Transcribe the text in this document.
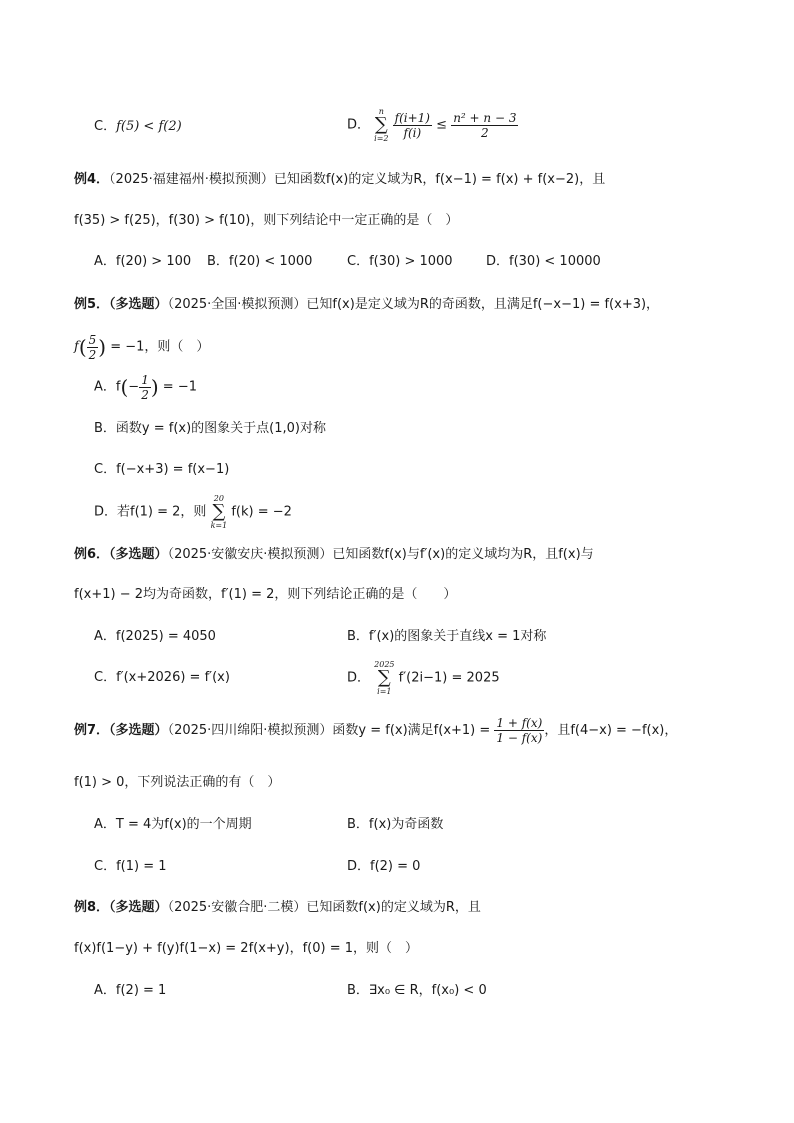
C．f(5) < f(2)	D． n
∑
$i=2 \frac{f(i+1)}{f(i)} \le \frac{\text{n² + n − 3}}{2}$
例4．（2025·福建福州·模拟预测）已知函数f(x)的定义域为R，f(x−1) = f(x) + f(x−2)，且
f(35) > f(25)，f(30) > f(10)，则下列结论中一定正确的是（　）
A．f(20) > 100 B．f(20) < 1000	C．f(30) > 1000	D．f(30) < 10000
例5．（多选题）（2025·全国·模拟预测）已知f(x)是定义域为R的奇函数，且满足f(−x−1) = f(x+3)，
$f( \frac{5}{2}$ ) = −1，则（　）
A．$f(- \frac{1}{2}$ ) = −1
B．函数y = f(x)的图象关于点(1,0)对称
C．f(−x+3) = f(x−1)
D．若f(1) = 2，则 20
∑
k=1 f(k) = −2
例6．（多选题）（2025·安徽安庆·模拟预测）已知函数f(x)与f′(x)的定义域均为R，且f(x)与
f(x+1) − 2均为奇函数，f′(1) = 2，则下列结论正确的是（　　）
A．f(2025) = 4050	B．f′(x)的图象关于直线x = 1对称
C．f′(x+2026) = f′(x)	D． 2025
∑
i=1 f′(2i−1) = 2025
例7．（多选题）（2025·四川绵阳·模拟预测）函数y = f(x)满足$f(x+1) = \frac{1 + f(x)}{1 - f(x)}$ ，且f(4−x) = −f(x)，
f(1) > 0，下列说法正确的有（　）
A．T = 4为f(x)的一个周期	B．f(x)为奇函数
C．f(1) = 1	D．f(2) = 0
例8．（多选题）（2025·安徽合肥·二模）已知函数f(x)的定义域为R，且
f(x)f(1−y) + f(y)f(1−x) = 2f(x+y)，f(0) = 1，则（　）
A．f(2) = 1	B．∃x₀ ∈ R，f(x₀) < 0
